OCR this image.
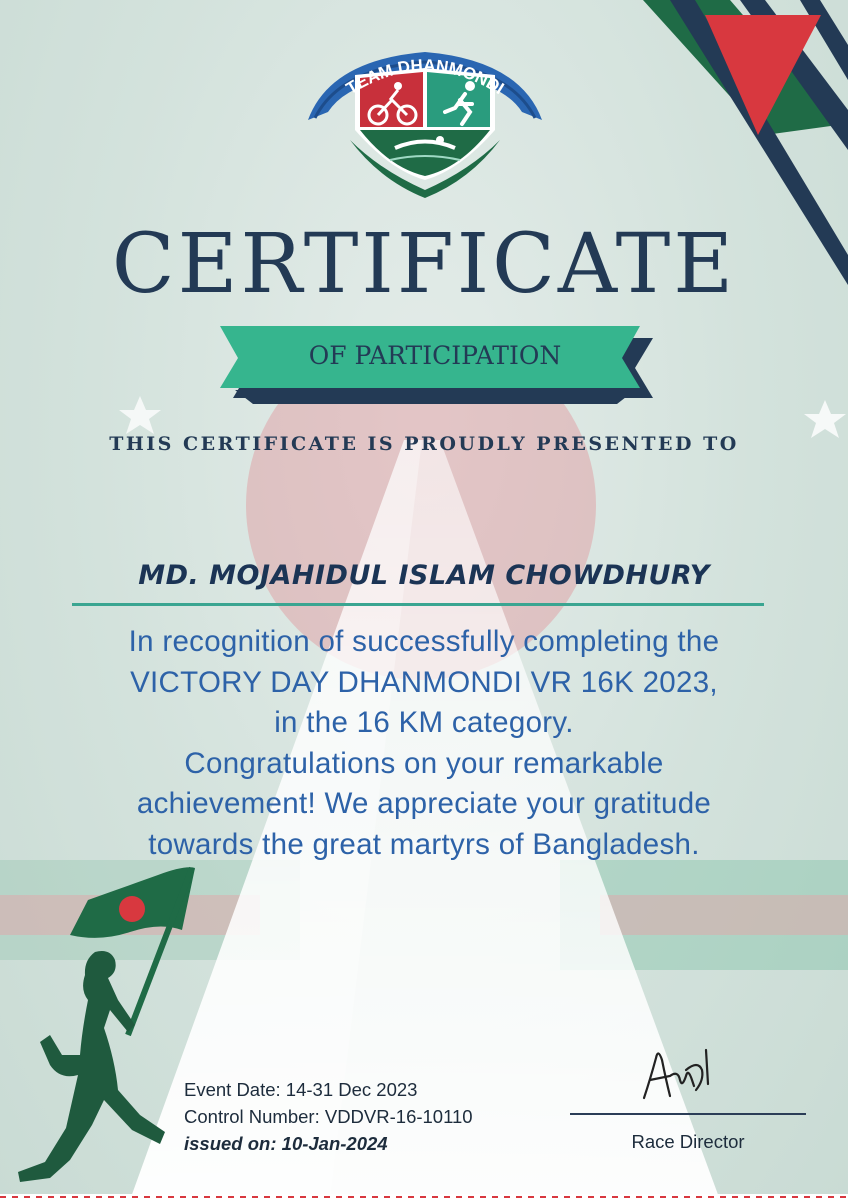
TEAM DHANMONDI
CERTIFICATE
OF PARTICIPATION
THIS CERTIFICATE IS PROUDLY PRESENTED TO
MD. MOJAHIDUL ISLAM CHOWDHURY
In recognition of successfully completing the
VICTORY DAY DHANMONDI VR 16K 2023,
in the 16 KM category.
Congratulations on your remarkable
achievement! We appreciate your gratitude
towards the great martyrs of Bangladesh.
Event Date: 14-31 Dec 2023
Control Number: VDDVR-16-10110
issued on: 10-Jan-2024	Race Director
